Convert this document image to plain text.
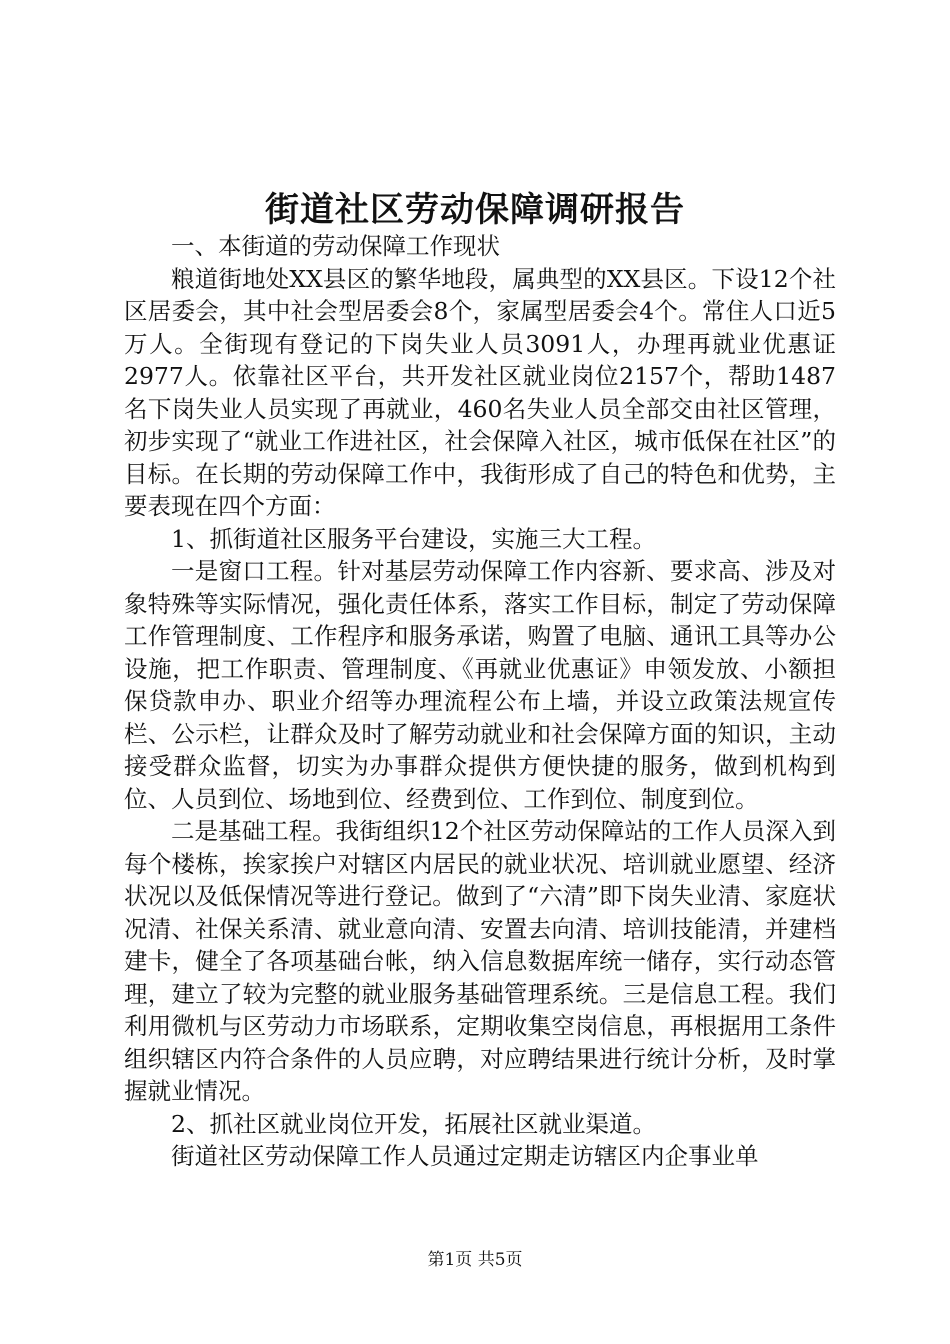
街道社区劳动保障调研报告

一、本街道的劳动保障工作现状

粮道街地处XX县区的繁华地段，属典型的XX县区。下设12个社区居委会，其中社会型居委会8个，家属型居委会4个。常住人口近5万人。全街现有登记的下岗失业人员3091人，办理再就业优惠证2977人。依靠社区平台，共开发社区就业岗位2157个，帮助1487名下岗失业人员实现了再就业，460名失业人员全部交由社区管理，初步实现了“就业工作进社区，社会保障入社区，城市低保在社区”的目标。在长期的劳动保障工作中，我街形成了自己的特色和优势，主要表现在四个方面：

1、抓街道社区服务平台建设，实施三大工程。

一是窗口工程。针对基层劳动保障工作内容新、要求高、涉及对象特殊等实际情况，强化责任体系，落实工作目标，制定了劳动保障工作管理制度、工作程序和服务承诺，购置了电脑、通讯工具等办公设施，把工作职责、管理制度、《再就业优惠证》申领发放、小额担保贷款申办、职业介绍等办理流程公布上墙，并设立政策法规宣传栏、公示栏，让群众及时了解劳动就业和社会保障方面的知识，主动接受群众监督，切实为办事群众提供方便快捷的服务，做到机构到位、人员到位、场地到位、经费到位、工作到位、制度到位。

二是基础工程。我街组织12个社区劳动保障站的工作人员深入到每个楼栋，挨家挨户对辖区内居民的就业状况、培训就业愿望、经济状况以及低保情况等进行登记。做到了“六清”即下岗失业清、家庭状况清、社保关系清、就业意向清、安置去向清、培训技能清，并建档建卡，健全了各项基础台帐，纳入信息数据库统一储存，实行动态管理，建立了较为完整的就业服务基础管理系统。三是信息工程。我们利用微机与区劳动力市场联系，定期收集空岗信息，再根据用工条件组织辖区内符合条件的人员应聘，对应聘结果进行统计分析，及时掌握就业情况。

2、抓社区就业岗位开发，拓展社区就业渠道。

街道社区劳动保障工作人员通过定期走访辖区内企事业单

第1页 共5页
